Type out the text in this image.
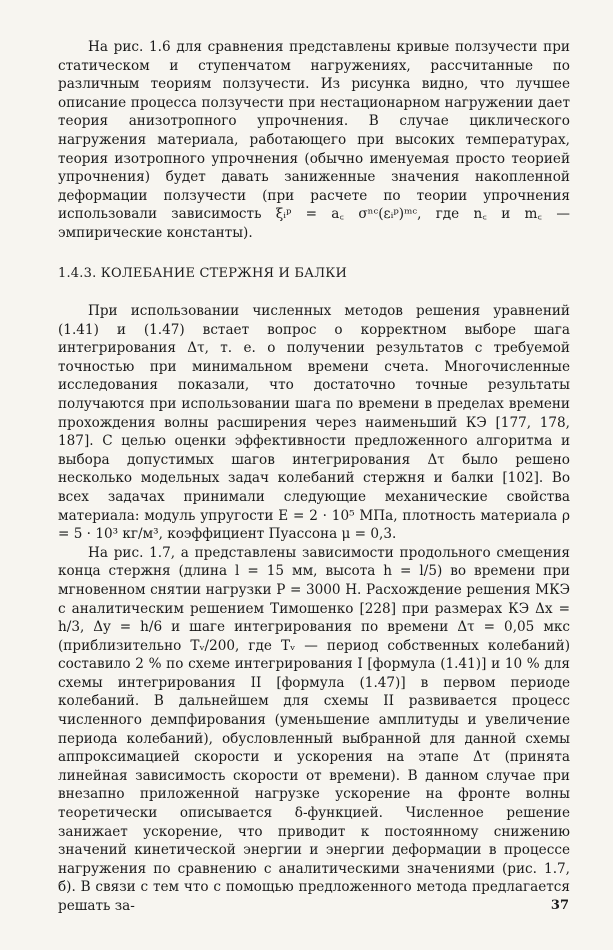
На рис. 1.6 для сравнения представлены кривые ползучести при статическом и ступенчатом нагружениях, рассчитанные по различным теориям ползучести. Из рисунка видно, что лучшее описание процесса ползучести при нестационарном нагружении дает теория анизотропного упрочнения. В случае циклического нагружения материала, работающего при высоких температурах, теория изотропного упрочнения (обычно именуемая просто теорией упрочнения) будет давать заниженные значения накопленной деформации ползучести (при расчете по теории упрочнения использовали зависимость ξᵢᵖ = a꜀ σⁿᶜ(εᵢᵖ)ᵐᶜ, где n꜀ и m꜀ — эмпирические константы).

1.4.3. КОЛЕБАНИЕ СТЕРЖНЯ И БАЛКИ

При использовании численных методов решения уравнений (1.41) и (1.47) встает вопрос о корректном выборе шага интегрирования Δτ, т. е. о получении результатов с требуемой точностью при минимальном времени счета. Многочисленные исследования показали, что достаточно точные результаты получаются при использовании шага по времени в пределах времени прохождения волны расширения через наименьший КЭ [177, 178, 187]. С целью оценки эффективности предложенного алгоритма и выбора допустимых шагов интегрирования Δτ было решено несколько модельных задач колебаний стержня и балки [102]. Во всех задачах принимали следующие механические свойства материала: модуль упругости E = 2 · 10⁵ МПа, плотность материала ρ = 5 · 10³ кг/м³, коэффициент Пуассона μ = 0,3.

На рис. 1.7, а представлены зависимости продольного смещения конца стержня (длина l = 15 мм, высота h = l/5) во времени при мгновенном снятии нагрузки P = 3000 Н. Расхождение решения МКЭ с аналитическим решением Тимошенко [228] при размерах КЭ Δx = h/3, Δy = h/6 и шаге интегрирования по времени Δτ = 0,05 мкс (приблизительно Tᵥ/200, где Tᵥ — период собственных колебаний) составило 2 % по схеме интегрирования I [формула (1.41)] и 10 % для схемы интегрирования II [формула (1.47)] в первом периоде колебаний. В дальнейшем для схемы II развивается процесс численного демпфирования (уменьшение амплитуды и увеличение периода колебаний), обусловленный выбранной для данной схемы аппроксимацией скорости и ускорения на этапе Δτ (принята линейная зависимость скорости от времени). В данном случае при внезапно приложенной нагрузке ускорение на фронте волны теоретически описывается δ-функцией. Численное решение занижает ускорение, что приводит к постоянному снижению значений кинетической энергии и энергии деформации в процессе нагружения по сравнению с аналитическими значениями (рис. 1.7, б). В связи с тем что с помощью предложенного метода предлагается решать за-	37
